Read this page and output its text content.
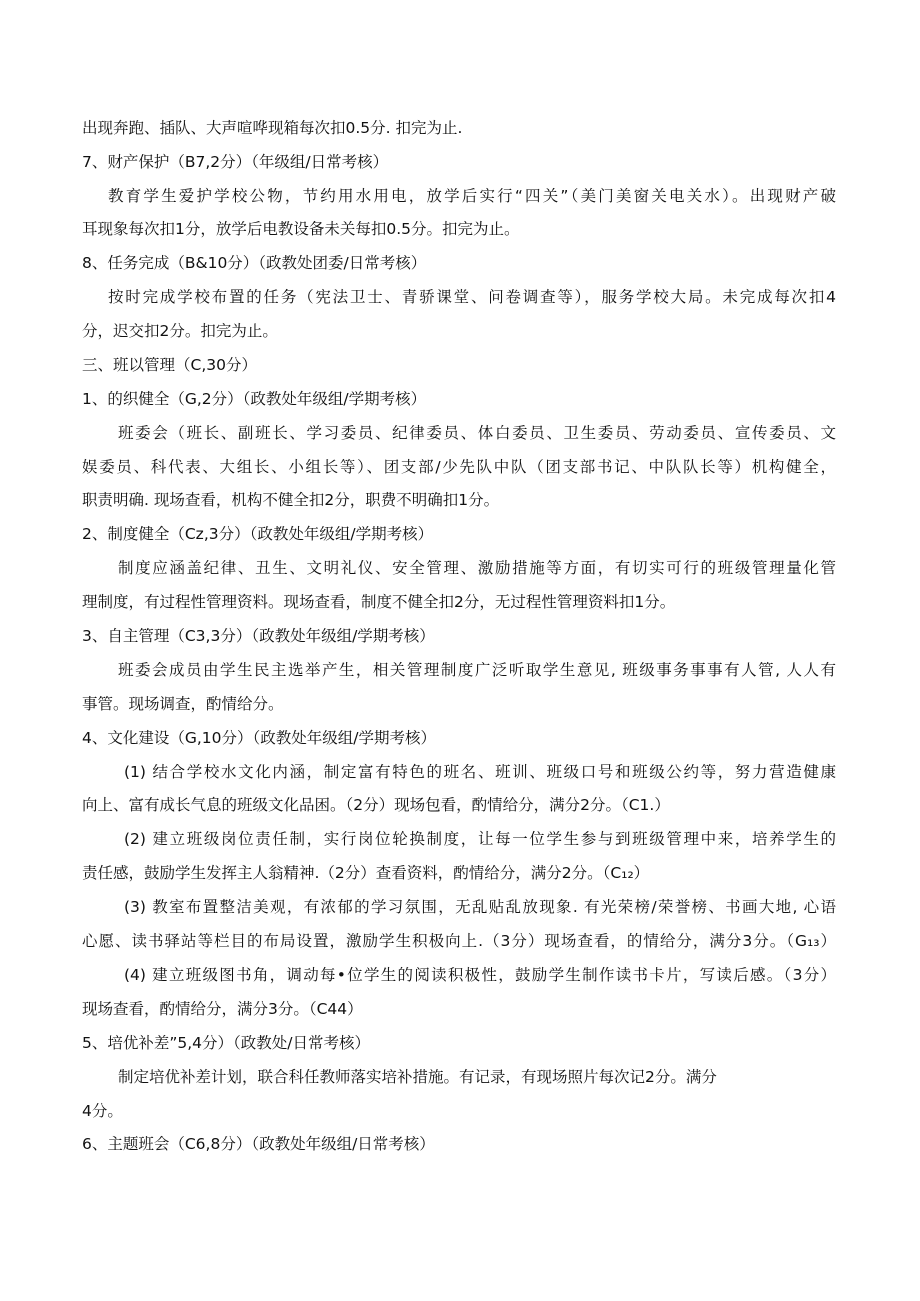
出现奔跑、插队、大声喧哗现箱每次扣0.5分. 扣完为止.

7、财产保护（B7,2分）（年级组/日常考核）

教育学生爱护学校公物，节约用水用电，放学后实行“四关”（美门美窗关电关水）。出现财产破

耳现象每次扣1分，放学后电教设备未关每扣0.5分。扣完为止。

8、任务完成（B&10分）（政教处团委/日常考核）

按时完成学校布置的任务（宪法卫士、青骄课堂、问卷调查等），服务学校大局。未完成每次扣4

分，迟交扣2分。扣完为止。

三、班以管理（C,30分）

1、的织健全（G,2分）（政教处年级组/学期考核）

班委会（班长、副班长、学习委员、纪律委员、体白委员、卫生委员、劳动委员、宣传委员、文

娱委员、科代表、大组长、小组长等）、团支部/少先队中队（团支部书记、中队队长等）机构健全，

职责明确. 现场查看，机构不健全扣2分，职费不明确扣1分。

2、制度健全（Cz,3分）（政教处年级组/学期考核）

制度应涵盖纪律、丑生、文明礼仪、安全管理、激励措施等方面，有切实可行的班级管理量化管

理制度，有过程性管理资料。现场查看，制度不健全扣2分，无过程性管理资料扣1分。

3、自主管理（C3,3分）（政教处年级组/学期考核）

班委会成员由学生民主选举产生，相关管理制度广泛听取学生意见, 班级事务事事有人管, 人人有

事管。现场调查，酌情给分。

4、文化建设（G,10分）（政教处年级组/学期考核）

(1) 结合学校水文化内涵，制定富有特色的班名、班训、班级口号和班级公约等，努力营造健康

向上、富有成长气息的班级文化品困。（2分）现场包看，酌情给分，满分2分。（C1.）

(2) 建立班级岗位责任制，实行岗位轮换制度，让每一位学生参与到班级管理中来，培养学生的

责任感，鼓励学生发挥主人翁精神.（2分）查看资料，酌情给分，满分2分。（C₁₂）

(3) 教室布置整洁美观，有浓郁的学习氛围，无乱贴乱放现象. 有光荣榜/荣誉榜、书画大地, 心语

心愿、读书驿站等栏目的布局设置，激励学生积极向上.（3分）现场查看，的情给分，满分3分。（G₁₃）

(4) 建立班级图书角，调动每•位学生的阅读积极性，鼓励学生制作读书卡片，写读后感。（3分）

现场查看，酌情给分，满分3分。（C44）

5、培优补差”5,4分）（政教处/日常考核）

制定培优补差计划，联合科任教师落实培补措施。有记录，有现场照片每次记2分。满分

4分。

6、主题班会（C6,8分）（政教处年级组/日常考核）
